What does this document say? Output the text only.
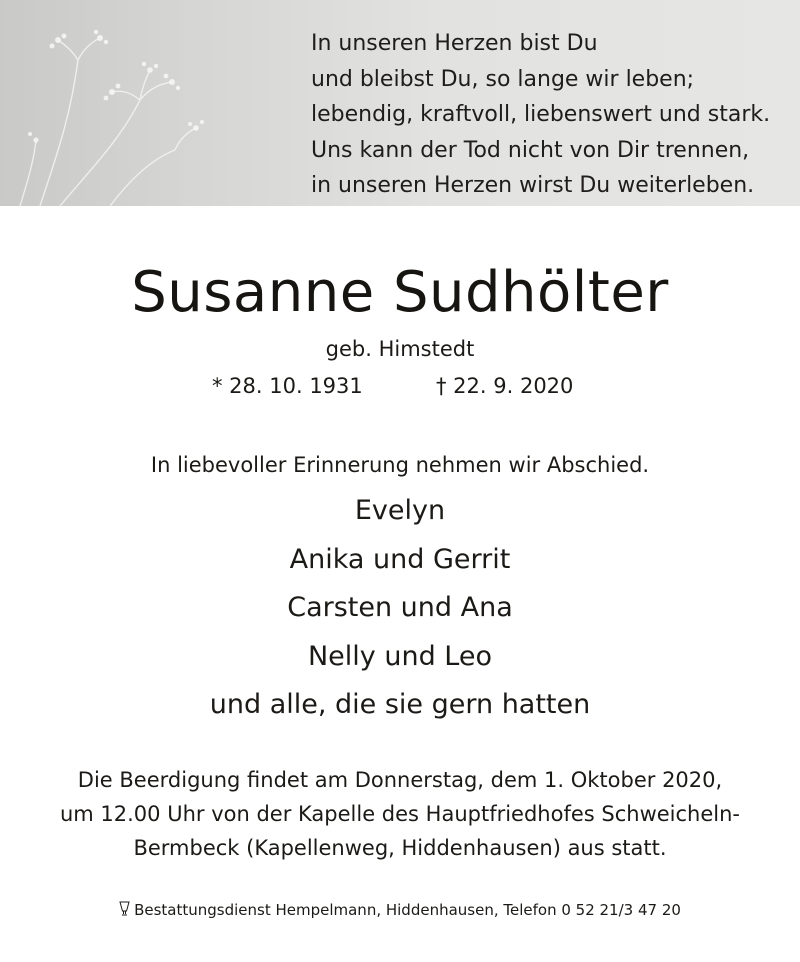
In unseren Herzen bist Du
und bleibst Du, so lange wir leben;
lebendig, kraftvoll, liebenswert und stark.
Uns kann der Tod nicht von Dir trennen,
in unseren Herzen wirst Du weiterleben.
Susanne Sudhölter
geb. Himstedt
* 28. 10. 1931	† 22. 9. 2020
In liebevoller Erinnerung nehmen wir Abschied.
Evelyn
Anika und Gerrit
Carsten und Ana
Nelly und Leo
und alle, die sie gern hatten
Die Beerdigung findet am Donnerstag, dem 1. Oktober 2020,
um 12.00 Uhr von der Kapelle des Hauptfriedhofes Schweicheln-
Bermbeck (Kapellenweg, Hiddenhausen) aus statt.
Bestattungsdienst Hempelmann, Hiddenhausen, Telefon 0 52 21/3 47 20
